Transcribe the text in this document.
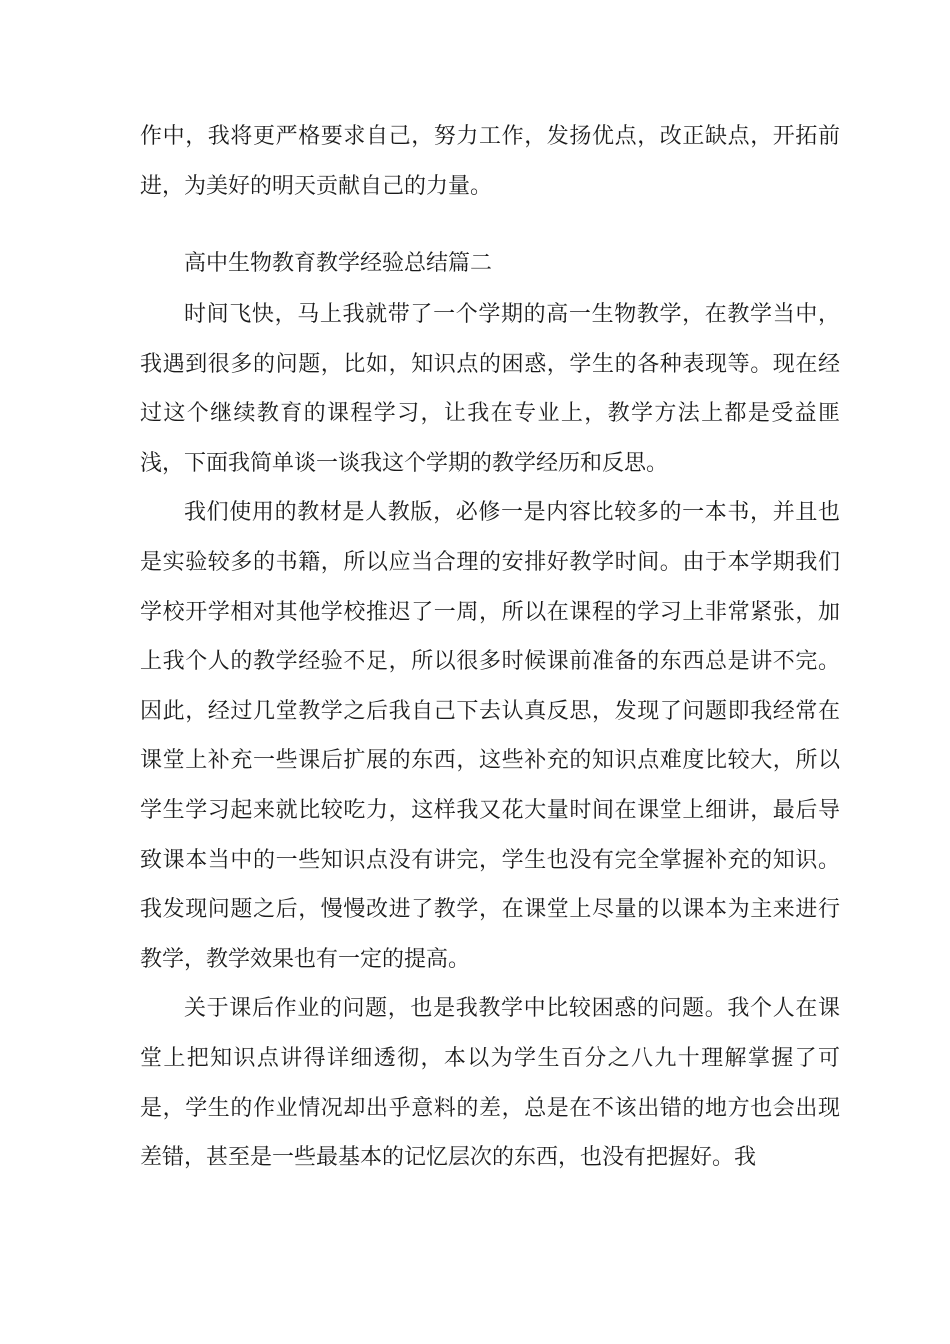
作中，我将更严格要求自己，努力工作，发扬优点，改正缺点，开拓前进，为美好的明天贡献自己的力量。

高中生物教育教学经验总结篇二

时间飞快，马上我就带了一个学期的高一生物教学，在教学当中，我遇到很多的问题，比如，知识点的困惑，学生的各种表现等。现在经过这个继续教育的课程学习，让我在专业上，教学方法上都是受益匪浅，下面我简单谈一谈我这个学期的教学经历和反思。

我们使用的教材是人教版，必修一是内容比较多的一本书，并且也是实验较多的书籍，所以应当合理的安排好教学时间。由于本学期我们学校开学相对其他学校推迟了一周，所以在课程的学习上非常紧张，加上我个人的教学经验不足，所以很多时候课前准备的东西总是讲不完。因此，经过几堂教学之后我自己下去认真反思，发现了问题即我经常在课堂上补充一些课后扩展的东西，这些补充的知识点难度比较大，所以学生学习起来就比较吃力，这样我又花大量时间在课堂上细讲，最后导致课本当中的一些知识点没有讲完，学生也没有完全掌握补充的知识。我发现问题之后，慢慢改进了教学，在课堂上尽量的以课本为主来进行教学，教学效果也有一定的提高。

关于课后作业的问题，也是我教学中比较困惑的问题。我个人在课堂上把知识点讲得详细透彻，本以为学生百分之八九十理解掌握了可是，学生的作业情况却出乎意料的差，总是在不该出错的地方也会出现差错，甚至是一些最基本的记忆层次的东西，也没有把握好。我
